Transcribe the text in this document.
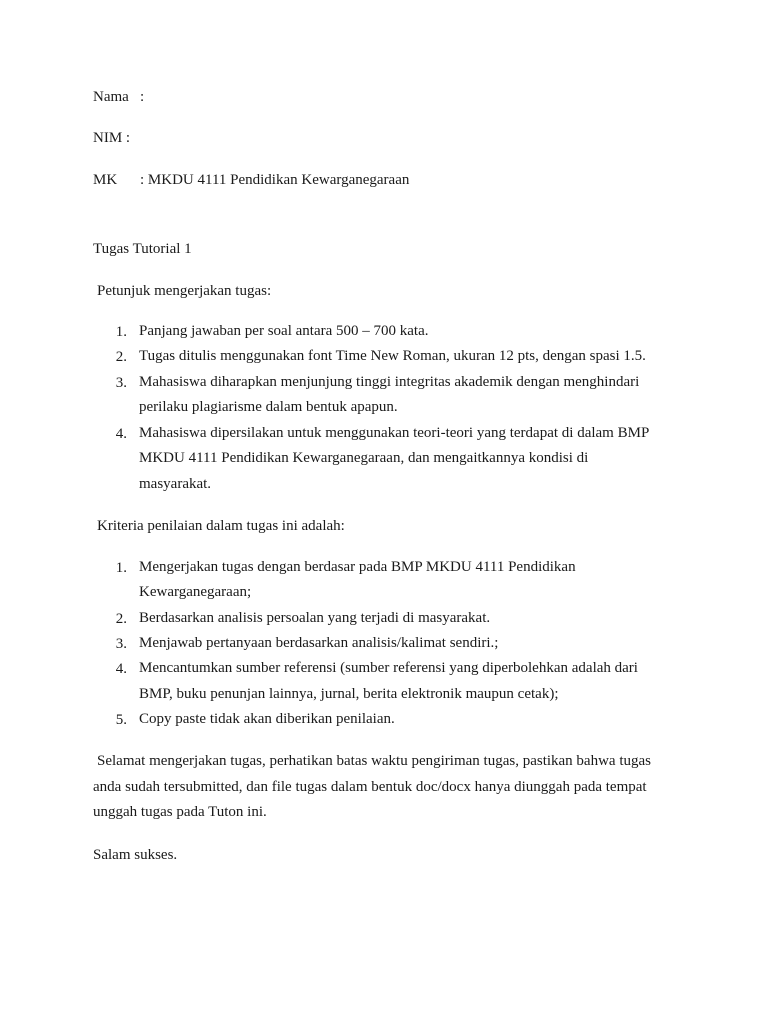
Nama :
NIM :
MK : MKDU 4111 Pendidikan Kewarganegaraan
Tugas Tutorial 1
Petunjuk mengerjakan tugas:
1. Panjang jawaban per soal antara 500 – 700 kata.
2. Tugas ditulis menggunakan font Time New Roman, ukuran 12 pts, dengan spasi 1.5.
3. Mahasiswa diharapkan menjunjung tinggi integritas akademik dengan menghindari
perilaku plagiarisme dalam bentuk apapun.
4. Mahasiswa dipersilakan untuk menggunakan teori-teori yang terdapat di dalam BMP
MKDU 4111 Pendidikan Kewarganegaraan, dan mengaitkannya kondisi di
masyarakat.
Kriteria penilaian dalam tugas ini adalah:
1. Mengerjakan tugas dengan berdasar pada BMP MKDU 4111 Pendidikan
Kewarganegaraan;
2. Berdasarkan analisis persoalan yang terjadi di masyarakat.
3. Menjawab pertanyaan berdasarkan analisis/kalimat sendiri.;
4. Mencantumkan sumber referensi (sumber referensi yang diperbolehkan adalah dari
BMP, buku penunjan lainnya, jurnal, berita elektronik maupun cetak);
5. Copy paste tidak akan diberikan penilaian.
Selamat mengerjakan tugas, perhatikan batas waktu pengiriman tugas, pastikan bahwa tugas
anda sudah tersubmitted, dan file tugas dalam bentuk doc/docx hanya diunggah pada tempat
unggah tugas pada Tuton ini.
Salam sukses.
